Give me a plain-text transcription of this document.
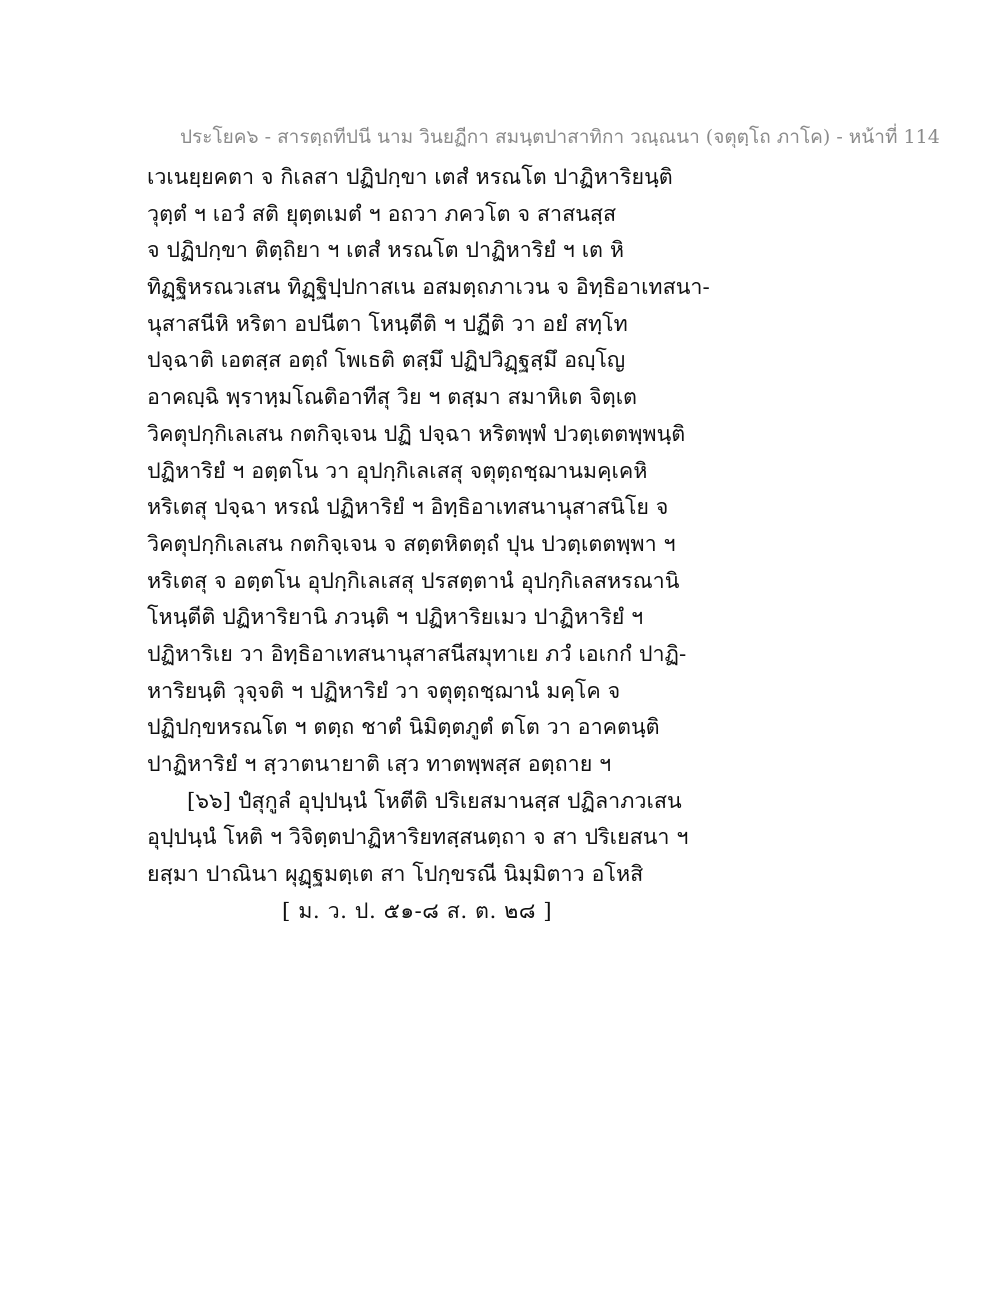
ประโยค๖ - สารตฺถทีปนี นาม วินยฏีกา สมนฺตปาสาทิกา วณฺณนา (จตุตฺโถ ภาโค) - หน้าที่ 114
เวเนยฺยคตา จ กิเลสา ปฏิปกฺขา เตสํ หรณโต ปาฏิหาริยนฺติ
วุตฺตํ ฯ เอวํ สติ ยุตฺตเมตํ ฯ อถวา ภควโต จ สาสนสฺส
จ ปฏิปกฺขา ติตฺถิยา ฯ เตสํ หรณโต ปาฏิหาริยํ ฯ เต หิ
ทิฏฺฐิหรณวเสน ทิฏฺฐิปฺปกาสเน อสมตฺถภาเวน จ อิทฺธิอาเทสนา-
นุสาสนีหิ หริตา อปนีตา โหนฺตีติ ฯ ปฏีติ วา อยํ สทฺโท
ปจฺฉาติ เอตสฺส อตฺถํ โพเธติ ตสฺมึ ปฏิปวิฏฺฐสฺมึ อญฺโญ
อาคญฺฉิ พฺราหฺมโณติอาทีสุ วิย ฯ ตสฺมา สมาหิเต จิตฺเต
วิคตุปกฺกิเลเสน กตกิจฺเจน ปฏิ ปจฺฉา หริตพฺพํ ปวตฺเตตพฺพนฺติ
ปฏิหาริยํ ฯ อตฺตโน วา อุปกฺกิเลเสสุ จตุตฺถชฺฌานมคฺเคหิ
หริเตสุ ปจฺฉา หรณํ ปฏิหาริยํ ฯ อิทฺธิอาเทสนานุสาสนิโย จ
วิคตุปกฺกิเลเสน กตกิจฺเจน จ สตฺตหิตตฺถํ ปุน ปวตฺเตตพฺพา ฯ
หริเตสุ จ อตฺตโน อุปกฺกิเลเสสุ ปรสตฺตานํ อุปกฺกิเลสหรณานิ
โหนฺตีติ ปฏิหาริยานิ ภวนฺติ ฯ ปฏิหาริยเมว ปาฏิหาริยํ ฯ
ปฏิหาริเย วา อิทฺธิอาเทสนานุสาสนีสมุทาเย ภวํ เอเกกํ ปาฏิ-
หาริยนฺติ วุจฺจติ ฯ ปฏิหาริยํ วา จตุตฺถชฺฌานํ มคฺโค จ
ปฏิปกฺขหรณโต ฯ ตตฺถ ชาตํ นิมิตฺตภูตํ ตโต วา อาคตนฺติ
ปาฏิหาริยํ ฯ สฺวาตนายาติ เสฺว ทาตพฺพสฺส อตฺถาย ฯ
[๖๖] ปํสุกูลํ อุปฺปนฺนํ โหตีติ ปริเยสมานสฺส ปฏิลาภวเสน
อุปฺปนฺนํ โหติ ฯ วิจิตฺตปาฏิหาริยทสฺสนตฺถา จ สา ปริเยสนา ฯ
ยสฺมา ปาณินา ผุฏฺฐมตฺเต สา โปกฺขรณี นิมฺมิตาว อโหสิ
[ ม. ว. ป. ๕๑-๘ ส. ต. ๒๘ ]
